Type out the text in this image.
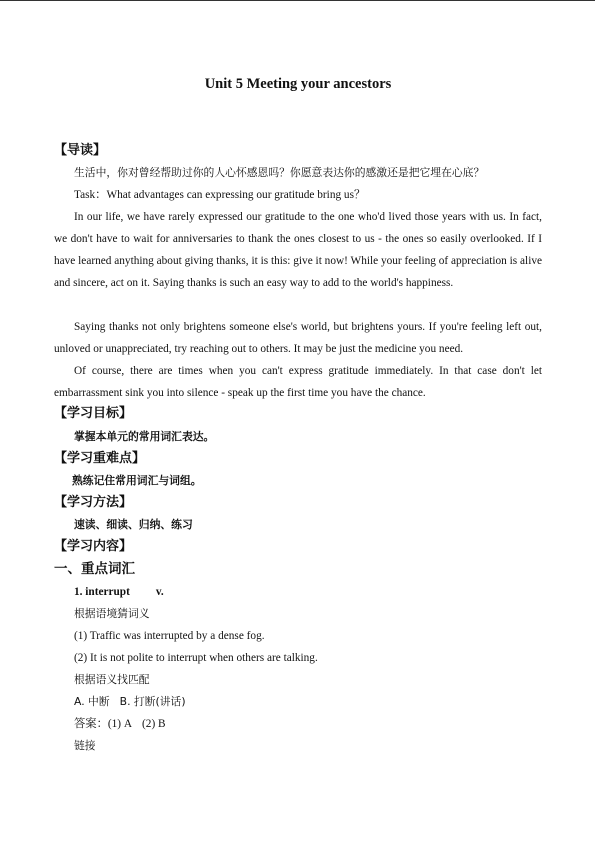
Unit 5 Meeting your ancestors
【导读】
生活中，你对曾经帮助过你的人心怀感恩吗？你愿意表达你的感激还是把它埋在心底？
Task：What advantages can expressing our gratitude bring us？
In our life, we have rarely expressed our gratitude to the one who'd lived those years with us. In fact, we don't have to wait for anniversaries to thank the ones closest to us - the ones so easily overlooked. If I have learned anything about giving thanks, it is this: give it now! While your feeling of appreciation is alive and sincere, act on it. Saying thanks is such an easy way to add to the world's happiness.
Saying thanks not only brightens someone else's world, but brightens yours. If you're feeling left out, unloved or unappreciated, try reaching out to others. It may be just the medicine you need.
Of course, there are times when you can't express gratitude immediately. In that case don't let embarrassment sink you into silence - speak up the first time you have the chance.
【学习目标】
掌握本单元的常用词汇表达。
【学习重难点】
熟练记住常用词汇与词组。
【学习方法】
速读、细读、归纳、练习
【学习内容】
一、重点词汇
1. interrupt v.
根据语境猜词义
(1) Traffic was interrupted by a dense fog.
(2) It is not polite to interrupt when others are talking.
根据语义找匹配
A. 中断 B. 打断(讲话)
答案：(1) A (2) B
链接
